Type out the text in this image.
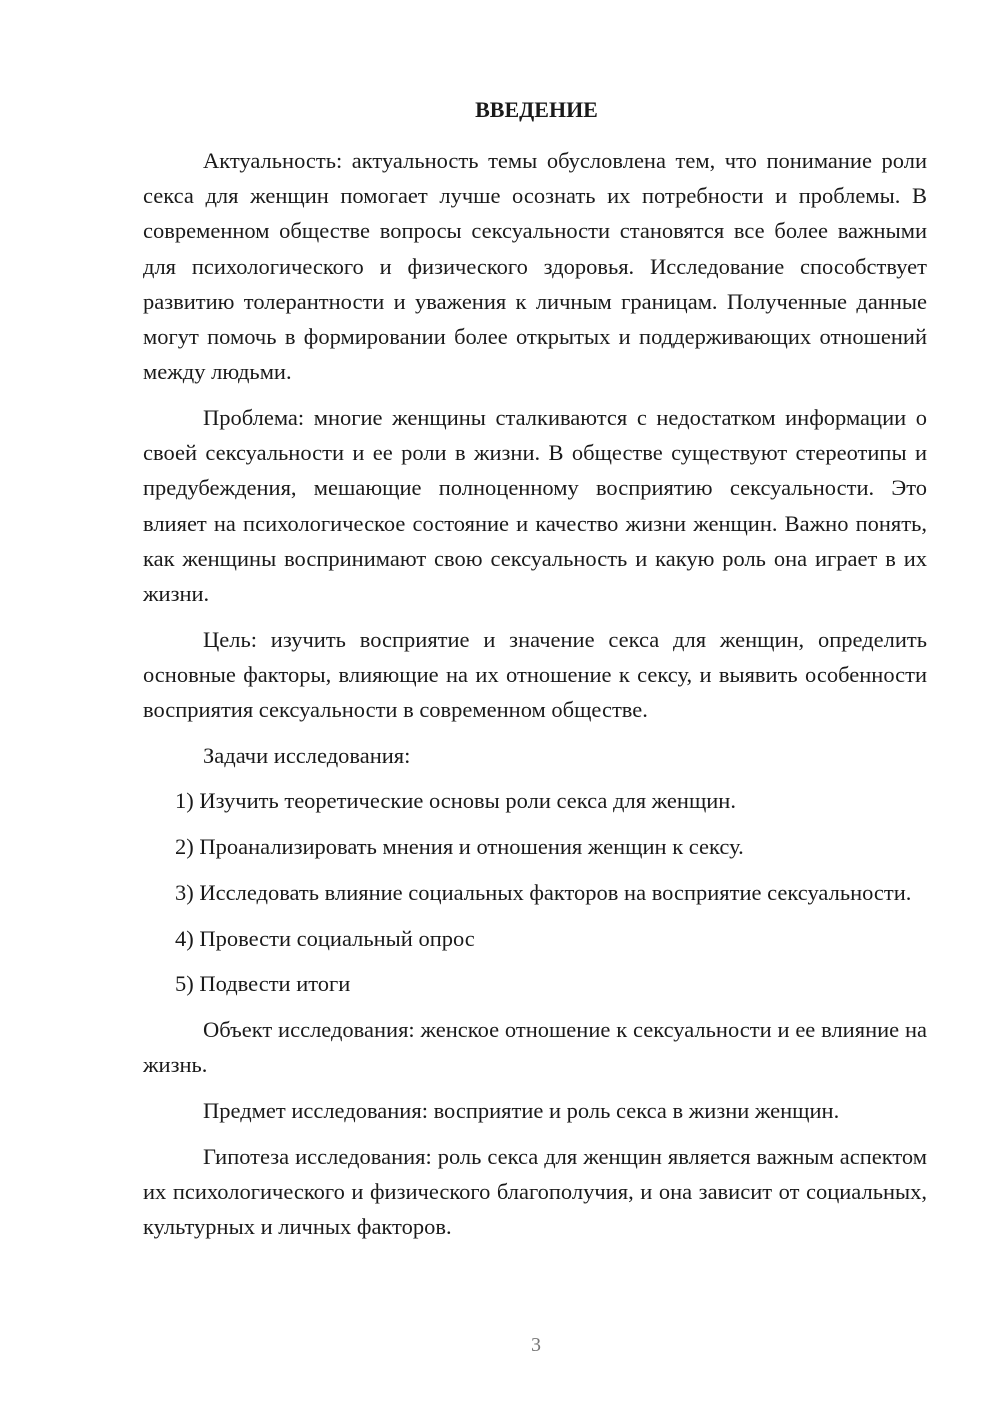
ВВЕДЕНИЕ

Актуальность: актуальность темы обусловлена тем, что понимание роли секса для женщин помогает лучше осознать их потребности и проблемы. В современном обществе вопросы сексуальности становятся все более важными для психологического и физического здоровья. Исследование способствует развитию толерантности и уважения к личным границам. Полученные данные могут помочь в формировании более открытых и поддерживающих отношений между людьми.

Проблема: многие женщины сталкиваются с недостатком информации о своей сексуальности и ее роли в жизни. В обществе существуют стереотипы и предубеждения, мешающие полноценному восприятию сексуальности. Это влияет на психологическое состояние и качество жизни женщин. Важно понять, как женщины воспринимают свою сексуальность и какую роль она играет в их жизни.

Цель: изучить восприятие и значение секса для женщин, определить основные факторы, влияющие на их отношение к сексу, и выявить особенности восприятия сексуальности в современном обществе.

Задачи исследования:

1) Изучить теоретические основы роли секса для женщин.

2) Проанализировать мнения и отношения женщин к сексу.

3) Исследовать влияние социальных факторов на восприятие сексуальности.

4) Провести социальный опрос

5) Подвести итоги

Объект исследования: женское отношение к сексуальности и ее влияние на жизнь.

Предмет исследования: восприятие и роль секса в жизни женщин.

Гипотеза исследования: роль секса для женщин является важным аспектом их психологического и физического благополучия, и она зависит от социальных, культурных и личных факторов.

3
